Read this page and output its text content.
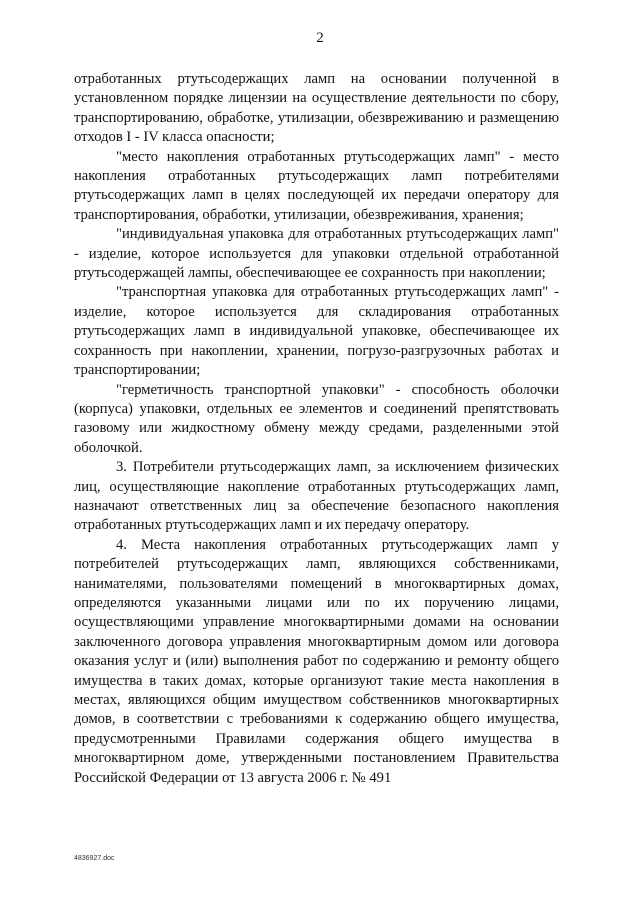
2

отработанных ртутьсодержащих ламп на основании полученной в установленном порядке лицензии на осуществление деятельности по сбору, транспортированию, обработке, утилизации, обезвреживанию и размещению отходов I - IV класса опасности;

"место накопления отработанных ртутьсодержащих ламп" - место накопления отработанных ртутьсодержащих ламп потребителями ртутьсодержащих ламп в целях последующей их передачи оператору для транспортирования, обработки, утилизации, обезвреживания, хранения;

"индивидуальная упаковка для отработанных ртутьсодержащих ламп" - изделие, которое используется для упаковки отдельной отработанной ртутьсодержащей лампы, обеспечивающее ее сохранность при накоплении;

"транспортная упаковка для отработанных ртутьсодержащих ламп" - изделие, которое используется для складирования отработанных ртутьсодержащих ламп в индивидуальной упаковке, обеспечивающее их сохранность при накоплении, хранении, погрузо-разгрузочных работах и транспортировании;

"герметичность транспортной упаковки" - способность оболочки (корпуса) упаковки, отдельных ее элементов и соединений препятствовать газовому или жидкостному обмену между средами, разделенными этой оболочкой.

3. Потребители ртутьсодержащих ламп, за исключением физических лиц, осуществляющие накопление отработанных ртутьсодержащих ламп, назначают ответственных лиц за обеспечение безопасного накопления отработанных ртутьсодержащих ламп и их передачу оператору.

4. Места накопления отработанных ртутьсодержащих ламп у потребителей ртутьсодержащих ламп, являющихся собственниками, нанимателями, пользователями помещений в многоквартирных домах, определяются указанными лицами или по их поручению лицами, осуществляющими управление многоквартирными домами на основании заключенного договора управления многоквартирным домом или договора оказания услуг и (или) выполнения работ по содержанию и ремонту общего имущества в таких домах, которые организуют такие места накопления в местах, являющихся общим имуществом собственников многоквартирных домов, в соответствии с требованиями к содержанию общего имущества, предусмотренными Правилами содержания общего имущества в многоквартирном доме, утвержденными постановлением Правительства Российской Федерации от 13 августа 2006 г. № 491

4836927.doc
